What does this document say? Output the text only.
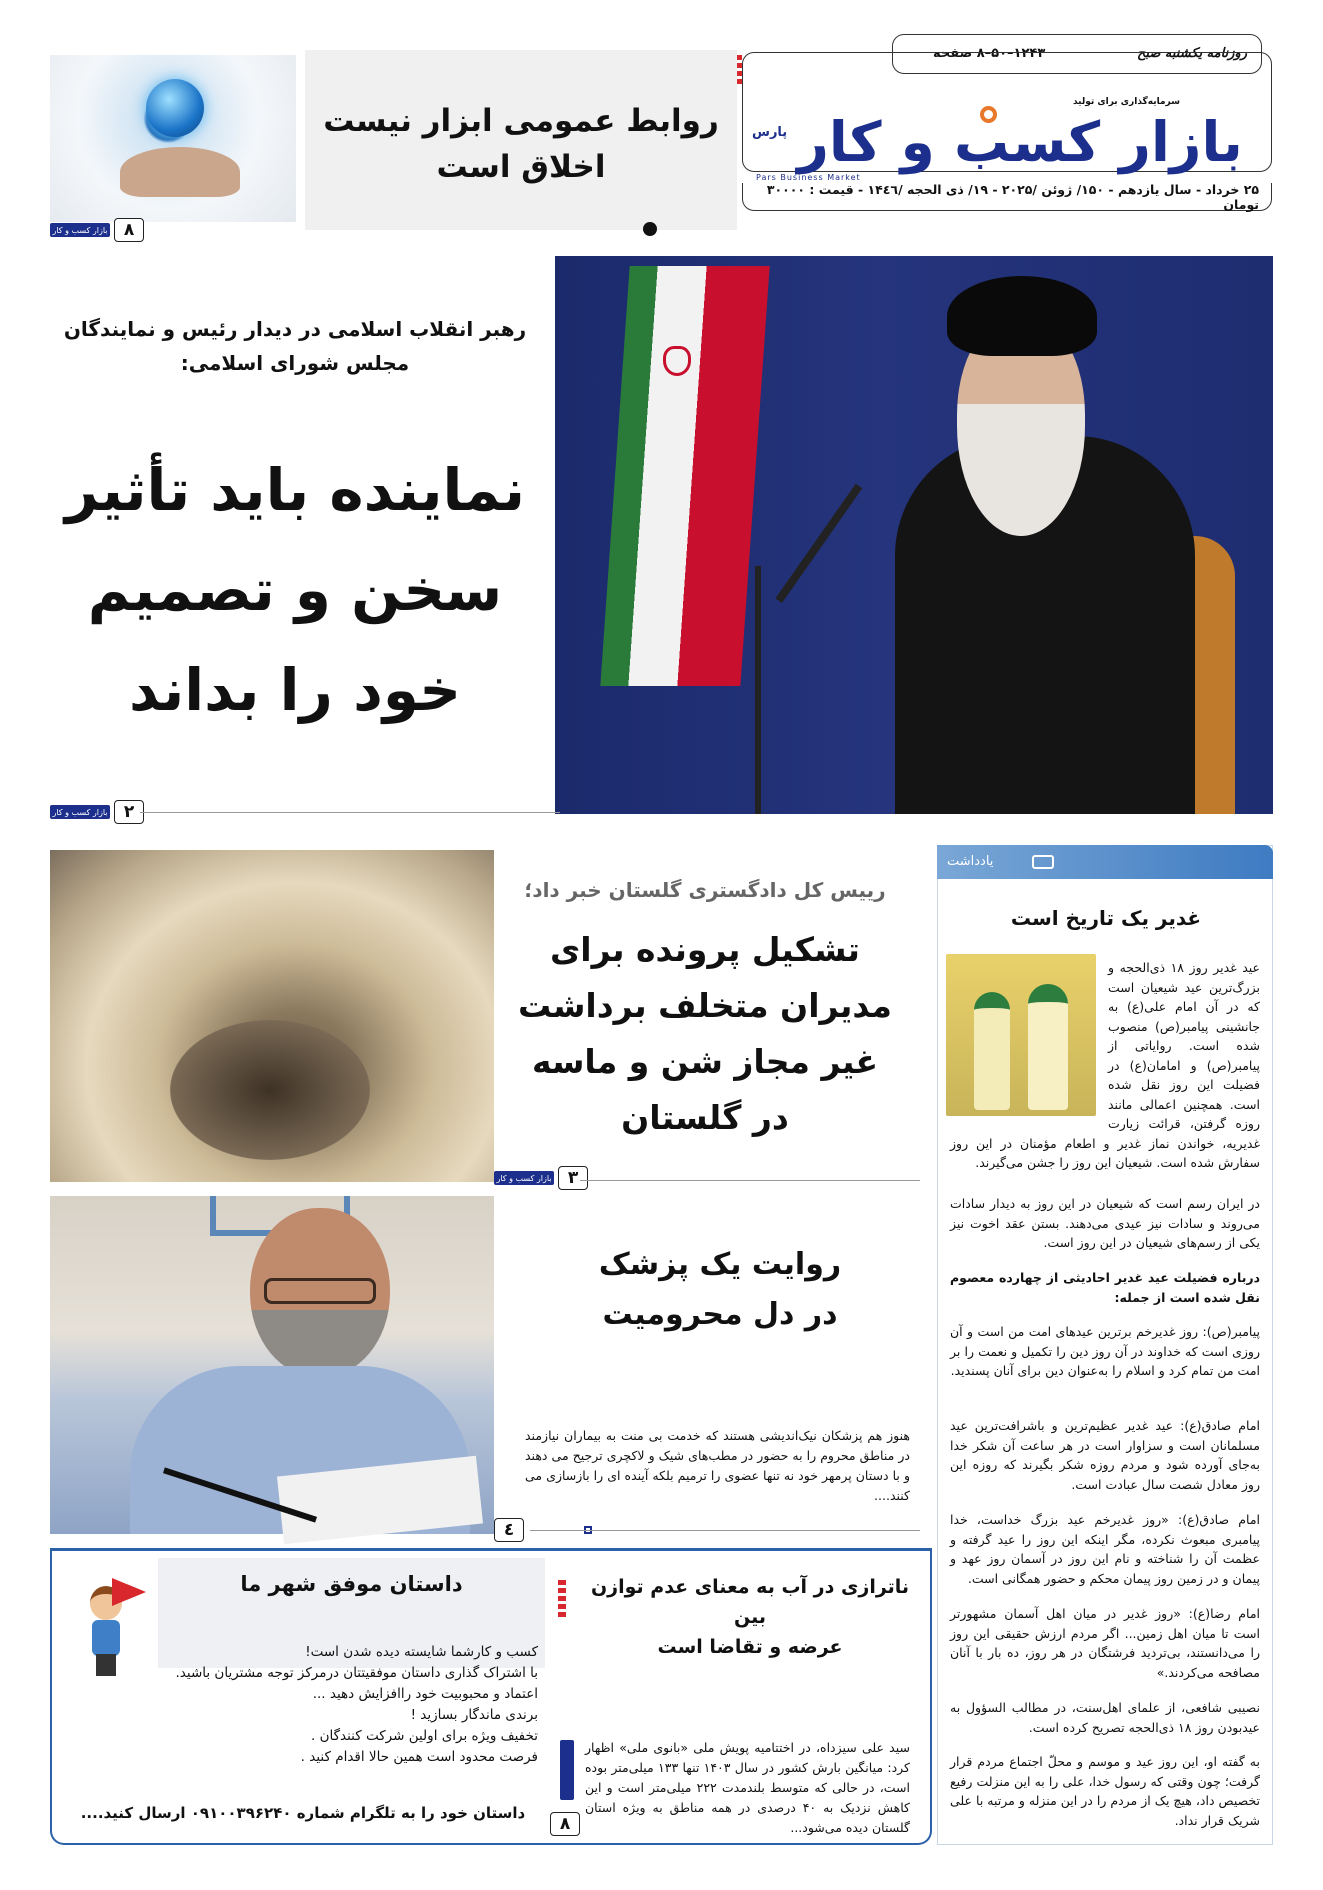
روزنامه یکشنبه صبح
۱۲۴۳–۵۰–۸ صفحه
سرمایه‌گذاری برای تولید
بازار کسب و کار
پارس
Pars Business Market
۲۵ خرداد - سال یازدهم - ۱۵۰/ ژوئن /۲۰۲۵ - ۱۹/ ذی الحجه /۱۴٤٦ - قیمت : ۳۰۰۰۰ تومان
روابط عمومی ابزار نیست
اخلاق است
بازار کسب و کار ۸
رهبر انقلاب اسلامی در دیدار رئیس و نمایندگان
مجلس شورای اسلامی:
نماینده باید تأثیر
سخن و تصمیم
خود را بداند
بازار کسب و کار ۲
یادداشت
غدیر یک تاریخ است
عید غدیر روز ۱۸ ذی‌الحجه و بزرگ‌ترین عید شیعیان است که در آن امام علی(ع) به جانشینی پیامبر(ص) منصوب شده است. روایاتی از پیامبر(ص) و امامان(ع) در فضیلت این روز نقل شده است. همچنین اعمالی مانند روزه گرفتن، قرائت زیارت غدیریه، خواندن نماز غدیر و اطعام مؤمنان در این روز سفارش شده است. شیعیان این روز را جشن می‌گیرند.
در ایران رسم است که شیعیان در این روز به دیدار سادات می‌روند و سادات نیز عیدی می‌دهند. بستن عقد اخوت نیز یکی از رسم‌های شیعیان در این روز است.
درباره فضیلت عید غدیر احادیثی از چهارده معصوم نقل شده است از جمله:
پیامبر(ص): روز غدیرخم برترین عیدهای امت من است و آن روزی است که خداوند در آن روز دین را تکمیل و نعمت را بر امت من تمام کرد و اسلام را به‌عنوان دین برای آنان پسندید.
امام صادق(ع): عید غدیر عظیم‌ترین و باشرافت‌ترین عید مسلمانان است و سزاوار است در هر ساعت آن شکر خدا به‌جای آورده شود و مردم روزه شکر بگیرند که روزه این روز معادل شصت سال عبادت است.
امام صادق(ع): «روز غدیرخم عید بزرگ خداست، خدا پیامبری مبعوث نکرده، مگر اینکه این روز را عید گرفته و عظمت آن را شناخته و نام این روز در آسمان روز عهد و پیمان و در زمین روز پیمان محکم و حضور همگانی است.
امام رضا(ع): «روز غدیر در میان اهل آسمان مشهورتر است تا میان اهل زمین... اگر مردم ارزش حقیقی این روز را می‌دانستند، بی‌تردید فرشتگان در هر روز، ده بار با آنان مصافحه می‌کردند.»
نصیبی شافعی، از علمای اهل‌سنت، در مطالب السؤول به عیدبودن روز ۱۸ ذی‌الحجه تصریح کرده است.
به گفته او، این روز عید و موسم و محلّ اجتماع مردم قرار گرفت؛ چون وقتی که رسول خدا، علی را به این منزلت رفیع تخصیص داد، هیچ یک از مردم را در این منزله و مرتبه با علی شریک قرار نداد.
رییس کل دادگستری گلستان خبر داد؛
تشکیل پرونده برای
مدیران متخلف برداشت
غیر مجاز شن و ماسه
در گلستان
بازار کسب و کار ۳
روایت یک پزشک
در دل محرومیت
هنوز هم پزشکان نیک‌اندیشی هستند که خدمت بی منت به بیماران نیازمند در مناطق محروم را به حضور در مطب‌های شیک و لاکچری ترجیح می دهند و با دستان پرمهر خود نه تنها عضوی را ترمیم بلکه آینده ای را بازسازی می کنند....
٤
ناترازی در آب به معنای عدم توازن بین
عرضه و تقاضا است
سید علی سیزداه، در اختتامیه پویش ملی «بانوی ملی» اظهار کرد: میانگین بارش کشور در سال ۱۴۰۳ تنها ۱۳۳ میلی‌متر بوده است، در حالی که متوسط بلندمدت ۲۲۲ میلی‌متر است و این کاهش نزدیک به ۴۰ درصدی در همه مناطق به ویژه استان گلستان دیده می‌شود...
۸
داستان موفق شهر ما
کسب و کارشما شایسته دیده شدن است!
با اشتراک گذاری داستان موفقیتتان درمرکز توجه مشتریان باشید.
اعتماد و محبوبیت خود راافزایش دهید ...
برندی ماندگار بسازید !
تخفیف ویژه برای اولین شرکت کنندگان .
فرصت محدود است همین حالا اقدام کنید .
داستان خود را به تلگرام شماره ۰۹۱۰۰۳۹۶۲۴۰ ارسال کنید....
